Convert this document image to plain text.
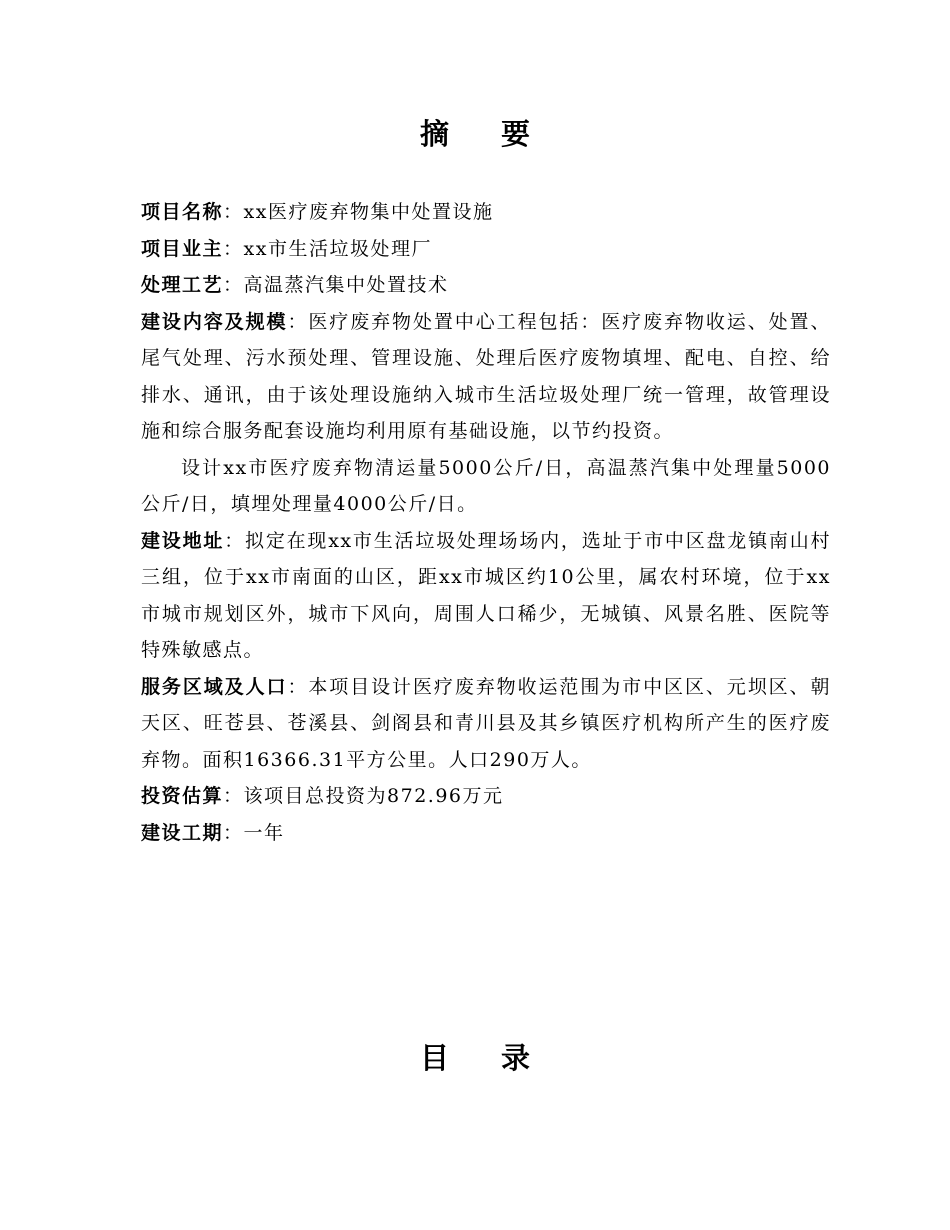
摘要

项目名称：xx医疗废弃物集中处置设施

项目业主：xx市生活垃圾处理厂

处理工艺：高温蒸汽集中处置技术

建设内容及规模：医疗废弃物处置中心工程包括：医疗废弃物收运、处置、尾气处理、污水预处理、管理设施、处理后医疗废物填埋、配电、自控、给排水、通讯，由于该处理设施纳入城市生活垃圾处理厂统一管理，故管理设施和综合服务配套设施均利用原有基础设施，以节约投资。

设计xx市医疗废弃物清运量5000公斤/日，高温蒸汽集中处理量5000公斤/日，填埋处理量4000公斤/日。

建设地址：拟定在现xx市生活垃圾处理场场内，选址于市中区盘龙镇南山村三组，位于xx市南面的山区，距xx市城区约10公里，属农村环境，位于xx市城市规划区外，城市下风向，周围人口稀少，无城镇、风景名胜、医院等特殊敏感点。

服务区域及人口：本项目设计医疗废弃物收运范围为市中区区、元坝区、朝天区、旺苍县、苍溪县、剑阁县和青川县及其乡镇医疗机构所产生的医疗废弃物。面积16366.31平方公里。人口290万人。

投资估算：该项目总投资为872.96万元

建设工期：一年

目录
